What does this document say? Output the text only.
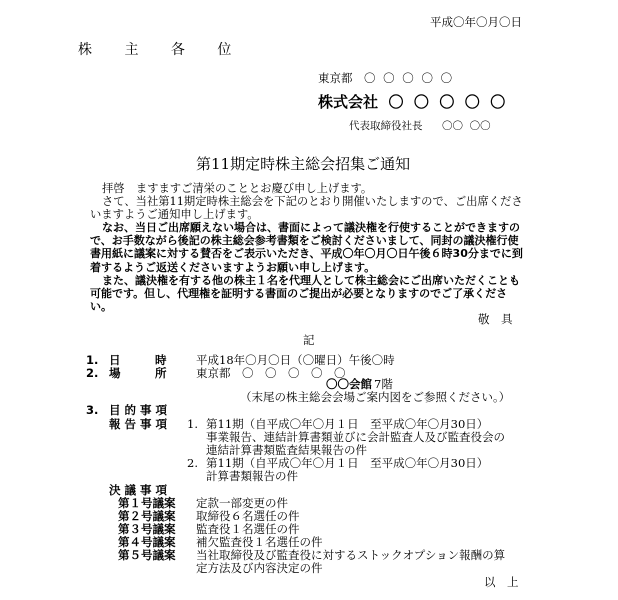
平成〇年〇月〇日
株 主 各 位
東京都 〇 〇 〇 〇 〇
株式会社  〇  〇  〇  〇  〇
代表取締役社長 〇〇  〇〇
第11期定時株主総会招集ご通知
拝啓　ますますご清栄のこととお慶び申し上げます。
さて、当社第11期定時株主総会を下記のとおり開催いたしますので、ご出席くださいますようご通知申し上げます。
なお、当日ご出席願えない場合は、書面によって議決権を行使することができますので、お手数ながら後記の株主総会参考書類をご検討くださいまして、同封の議決権行使書用紙に議案に対する賛否をご表示いただき、平成〇年〇月〇日午後６時30分までに到着するようご返送くださいますようお願い申し上げます。
また、議決権を有する他の株主１名を代理人として株主総会にご出席いただくことも可能です。但し、代理権を証明する書面のご提出が必要となりますのでご了承ください。
敬　具
記
1. 日　　　時	平成18年〇月〇日（〇曜日）午後〇時
2. 場　　　所	東京都　〇　〇　〇　〇　〇
〇〇会館 7階
（末尾の株主総会会場ご案内図をご参照ください。）
3. 目 的 事 項
報 告 事 項 1. 第11期（自平成〇年〇月１日　至平成〇年〇月30日）
事業報告、連結計算書類並びに会計監査人及び監査役会の
連結計算書類監査結果報告の件
2. 第11期（自平成〇年〇月１日　至平成〇年〇月30日）
計算書類報告の件
決 議 事 項
第１号議案 定款一部変更の件
第２号議案 取締役６名選任の件
第３号議案 監査役１名選任の件
第４号議案 補欠監査役１名選任の件
第５号議案 当社取締役及び監査役に対するストックオプション報酬の算
定方法及び内容決定の件
以　上
